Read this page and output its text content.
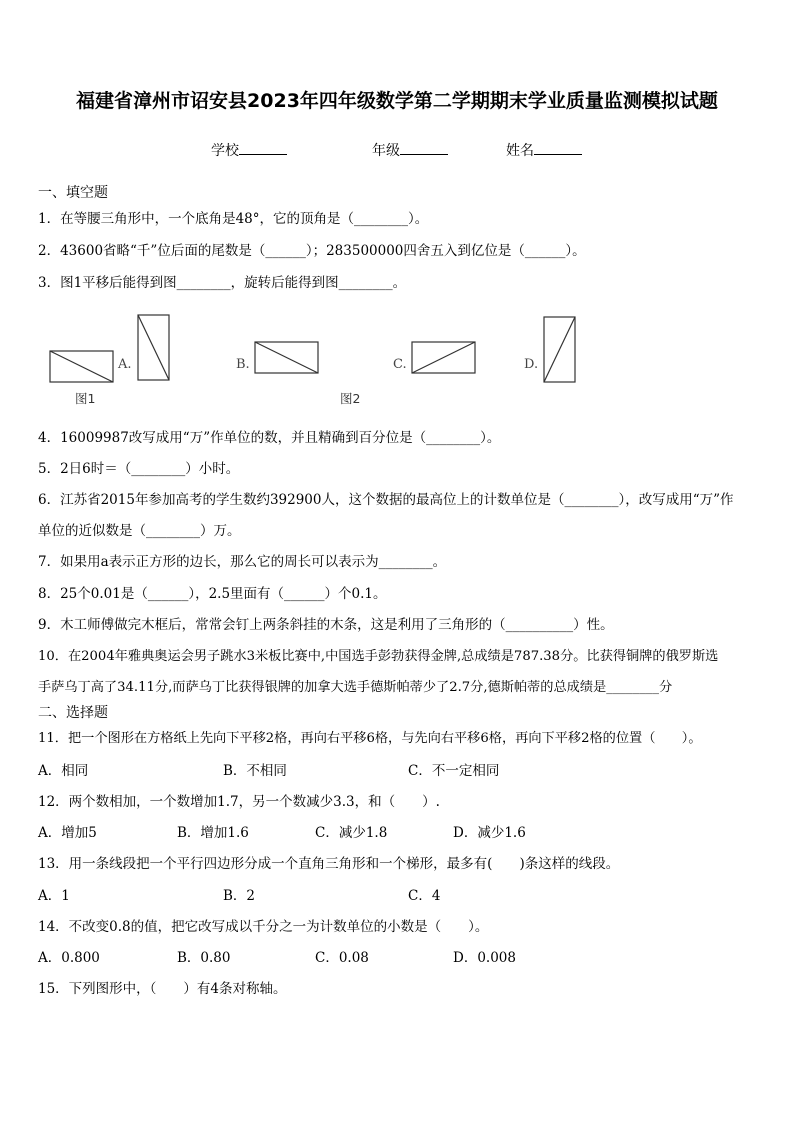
福建省漳州市诏安县2023年四年级数学第二学期期末学业质量监测模拟试题
学校	年级	姓名
一、填空题
1．在等腰三角形中，一个底角是48°，它的顶角是（________）。
2．43600省略“千”位后面的尾数是（______）；283500000四舍五入到亿位是（______）。
3．图1平移后能得到图________，旋转后能得到图________。
A.	B.	C.	D.
图1	图2
4．16009987改写成用“万”作单位的数，并且精确到百分位是（________）。
5．2日6时＝（________）小时。
6．江苏省2015年参加高考的学生数约392900人，这个数据的最高位上的计数单位是（________），改写成用“万”作
单位的近似数是（________）万。
7．如果用a表示正方形的边长，那么它的周长可以表示为________。
8．25个0.01是（______），2.5里面有（______）个0.1。
9．木工师傅做完木框后，常常会钉上两条斜挂的木条，这是利用了三角形的（__________）性。
10．在2004年雅典奥运会男子跳水3米板比赛中,中国选手彭勃获得金牌,总成绩是787.38分。比获得铜牌的俄罗斯选
手萨乌丁高了34.11分,而萨乌丁比获得银牌的加拿大选手德斯帕蒂少了2.7分,德斯帕蒂的总成绩是________分
二、选择题
11．把一个图形在方格纸上先向下平移2格，再向右平移6格，与先向右平移6格，再向下平移2格的位置（　　）。
A．相同	B．不相同	C．不一定相同
12．两个数相加，一个数增加1.7，另一个数减少3.3，和（　　）.
A．增加5	B．增加1.6	C．减少1.8	D．减少1.6
13．用一条线段把一个平行四边形分成一个直角三角形和一个梯形，最多有(　　)条这样的线段。
A．1	B．2	C．4
14．不改变0.8的值，把它改写成以千分之一为计数单位的小数是（　　）。
A．0.800	B．0.80	C．0.08	D．0.008
15．下列图形中，（　　）有4条对称轴。
